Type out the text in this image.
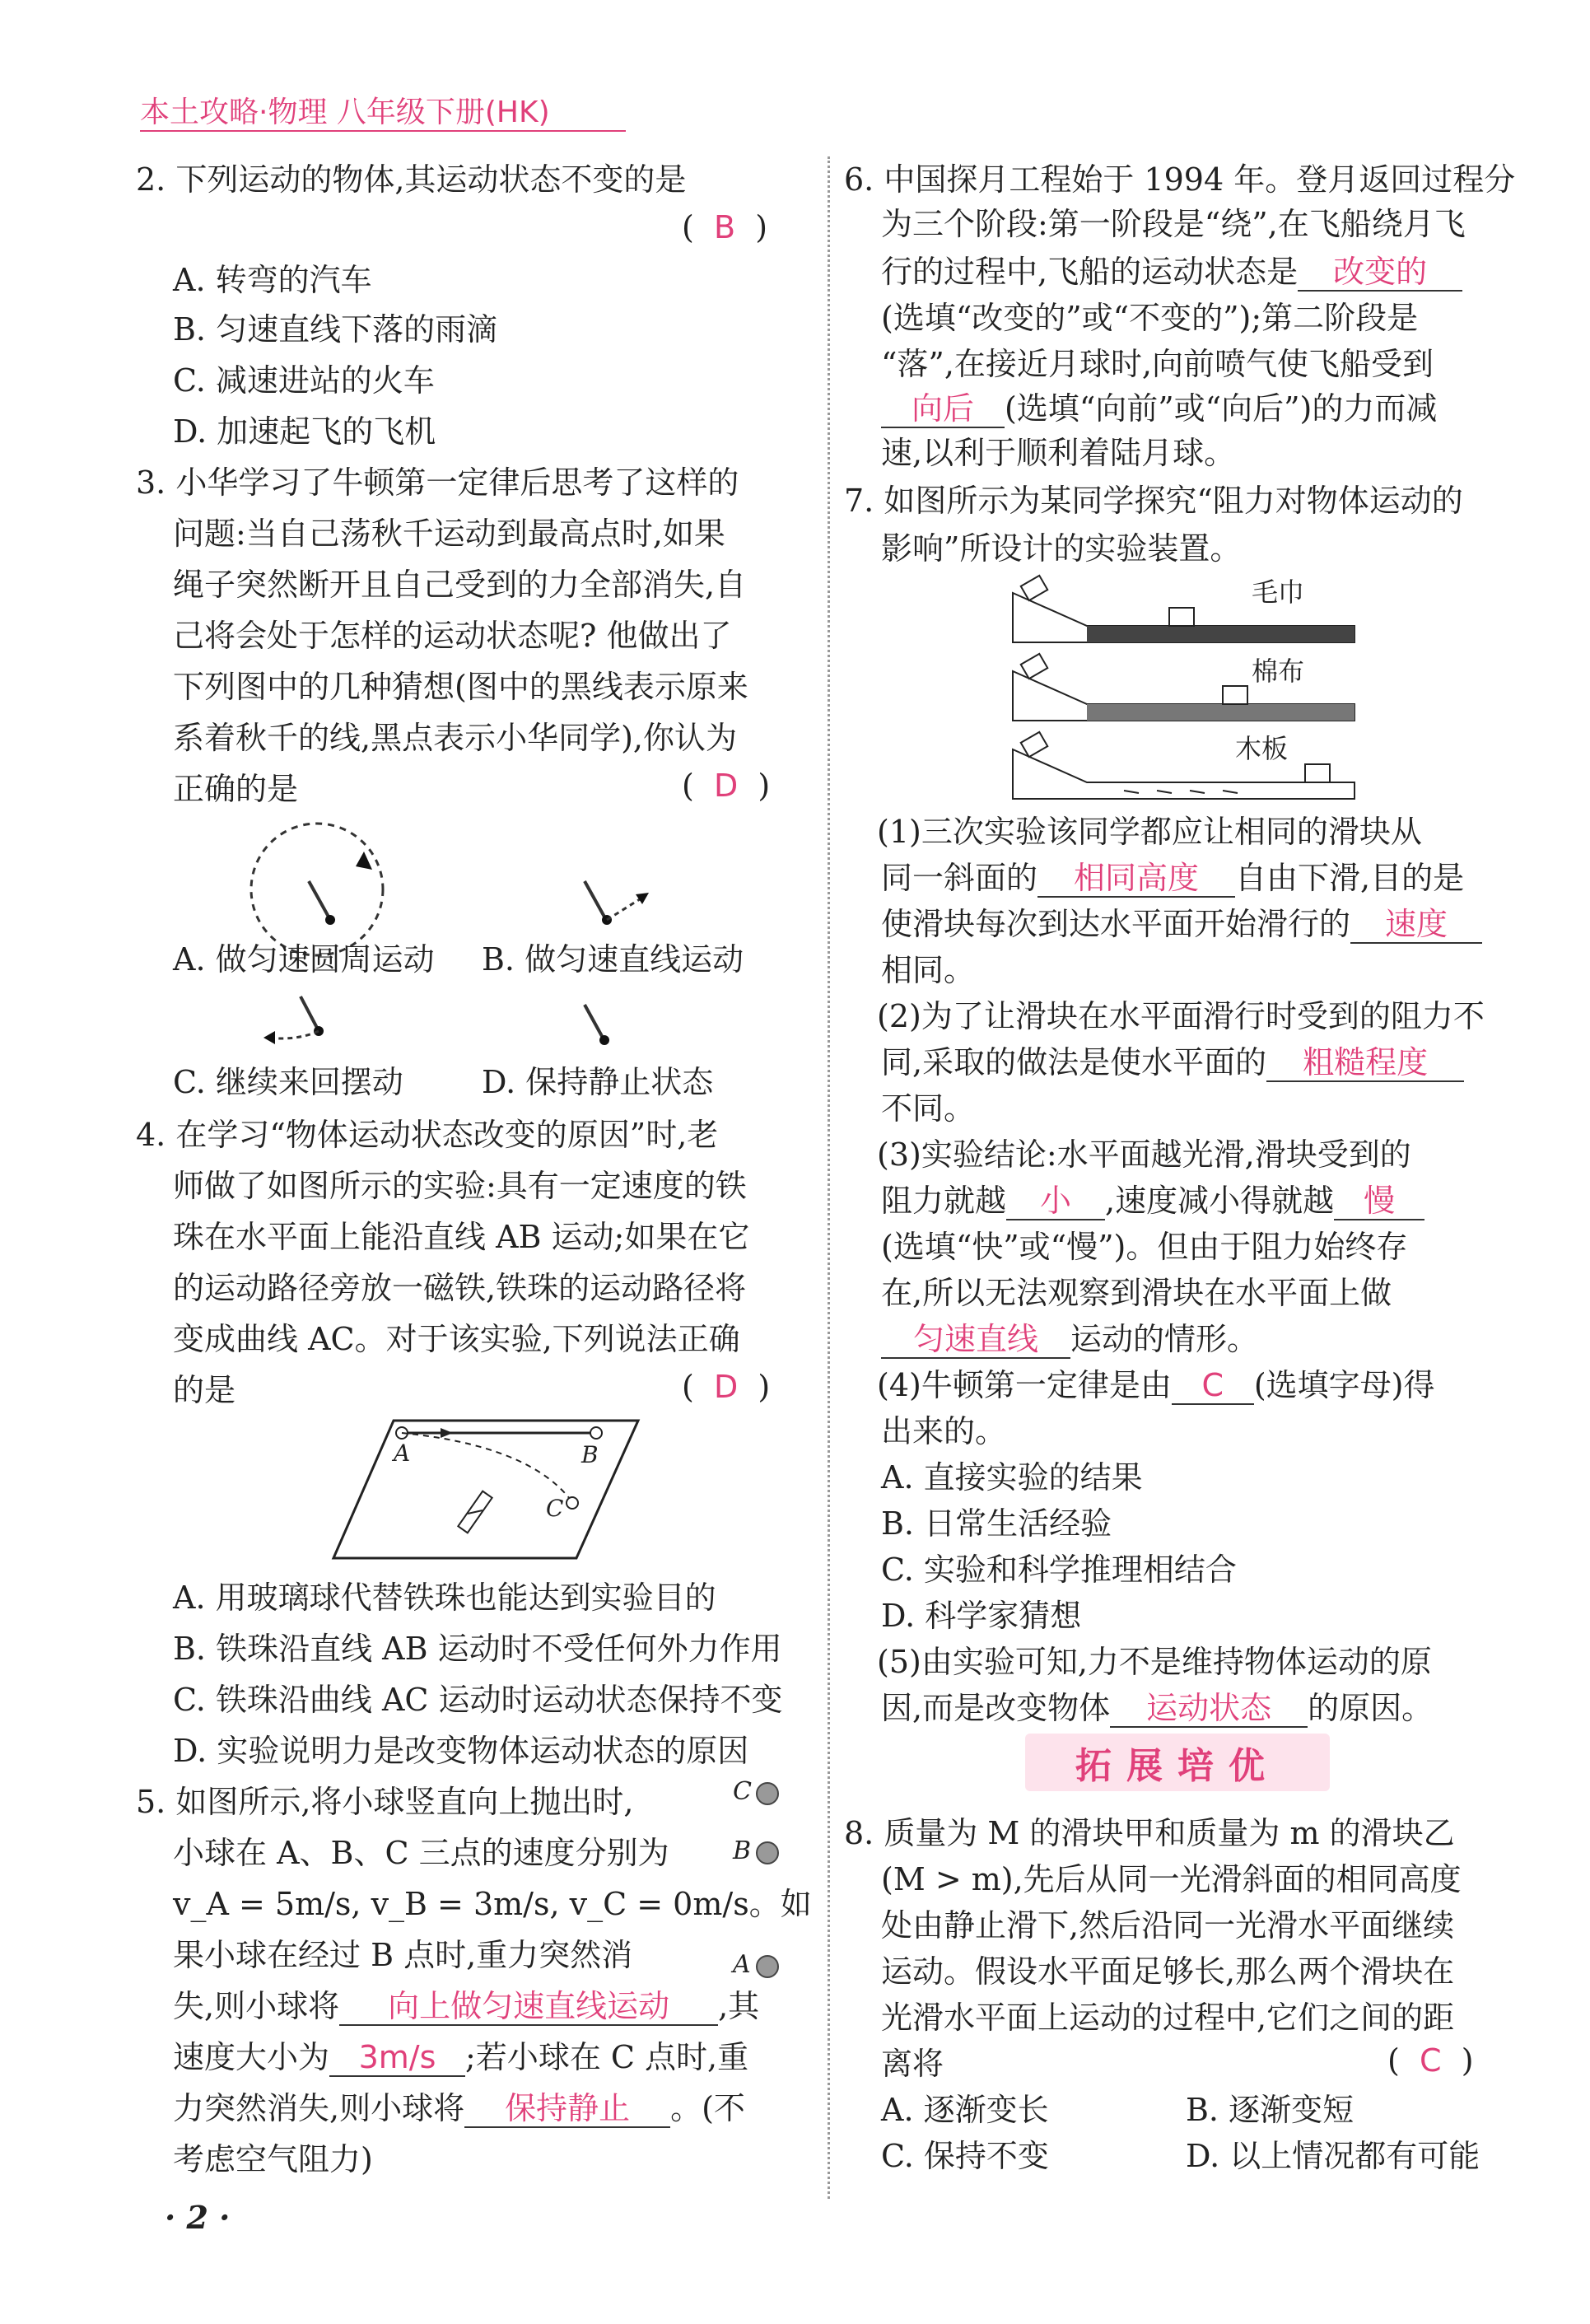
本土攻略·物理 八年级下册(HK)
2. 下列运动的物体,其运动状态不变的是
(  B  )
A. 转弯的汽车
B. 匀速直线下落的雨滴
C. 减速进站的火车
D. 加速起飞的飞机
3. 小华学习了牛顿第一定律后思考了这样的
问题:当自己荡秋千运动到最高点时,如果
绳子突然断开且自己受到的力全部消失,自
己将会处于怎样的运动状态呢? 他做出了
下列图中的几种猜想(图中的黑线表示原来
系着秋千的线,黑点表示小华同学),你认为
正确的是	(  D  )
A. 做匀速圆周运动 B. 做匀速直线运动
C. 继续来回摆动	D. 保持静止状态
4. 在学习“物体运动状态改变的原因”时,老
师做了如图所示的实验:具有一定速度的铁
珠在水平面上能沿直线 AB 运动;如果在它
的运动路径旁放一磁铁,铁珠的运动路径将
变成曲线 AC。对于该实验,下列说法正确
的是	(  D  )
A	B
C
A. 用玻璃球代替铁珠也能达到实验目的
B. 铁珠沿直线 AB 运动时不受任何外力作用
C. 铁珠沿曲线 AC 运动时运动状态保持不变
D. 实验说明力是改变物体运动状态的原因
5. 如图所示,将小球竖直向上抛出时,
小球在 A、B、C 三点的速度分别为
v_A = 5m/s, v_B = 3m/s, v_C = 0m/s。如
果小球在经过 B 点时,重力突然消
失,则小球将 向上做匀速直线运动 ,其
速度大小为 3m/s ;若小球在 C 点时,重
力突然消失,则小球将 保持静止 。(不
考虑空气阻力)
C
B
A
· 2 ·
6. 中国探月工程始于 1994 年。登月返回过程分
为三个阶段:第一阶段是“绕”,在飞船绕月飞
行的过程中,飞船的运动状态是 改变的
(选填“改变的”或“不变的”);第二阶段是
“落”,在接近月球时,向前喷气使飞船受到
向后 (选填“向前”或“向后”)的力而减
速,以利于顺利着陆月球。
7. 如图所示为某同学探究“阻力对物体运动的
影响”所设计的实验装置。
毛巾
棉布
木板
(1)三次实验该同学都应让相同的滑块从
同一斜面的 相同高度 自由下滑,目的是
使滑块每次到达水平面开始滑行的 速度
相同。
(2)为了让滑块在水平面滑行时受到的阻力不
同,采取的做法是使水平面的 粗糙程度
不同。
(3)实验结论:水平面越光滑,滑块受到的
阻力就越 小 ,速度减小得就越 慢
(选填“快”或“慢”)。但由于阻力始终存
在,所以无法观察到滑块在水平面上做
匀速直线 运动的情形。
(4)牛顿第一定律是由 C (选填字母)得
出来的。
A. 直接实验的结果
B. 日常生活经验
C. 实验和科学推理相结合
D. 科学家猜想
(5)由实验可知,力不是维持物体运动的原
因,而是改变物体 运动状态 的原因。
拓展培优
8. 质量为 M 的滑块甲和质量为 m 的滑块乙
(M > m),先后从同一光滑斜面的相同高度
处由静止滑下,然后沿同一光滑水平面继续
运动。假设水平面足够长,那么两个滑块在
光滑水平面上运动的过程中,它们之间的距
离将	(  C  )
A. 逐渐变长	B. 逐渐变短
C. 保持不变	D. 以上情况都有可能
